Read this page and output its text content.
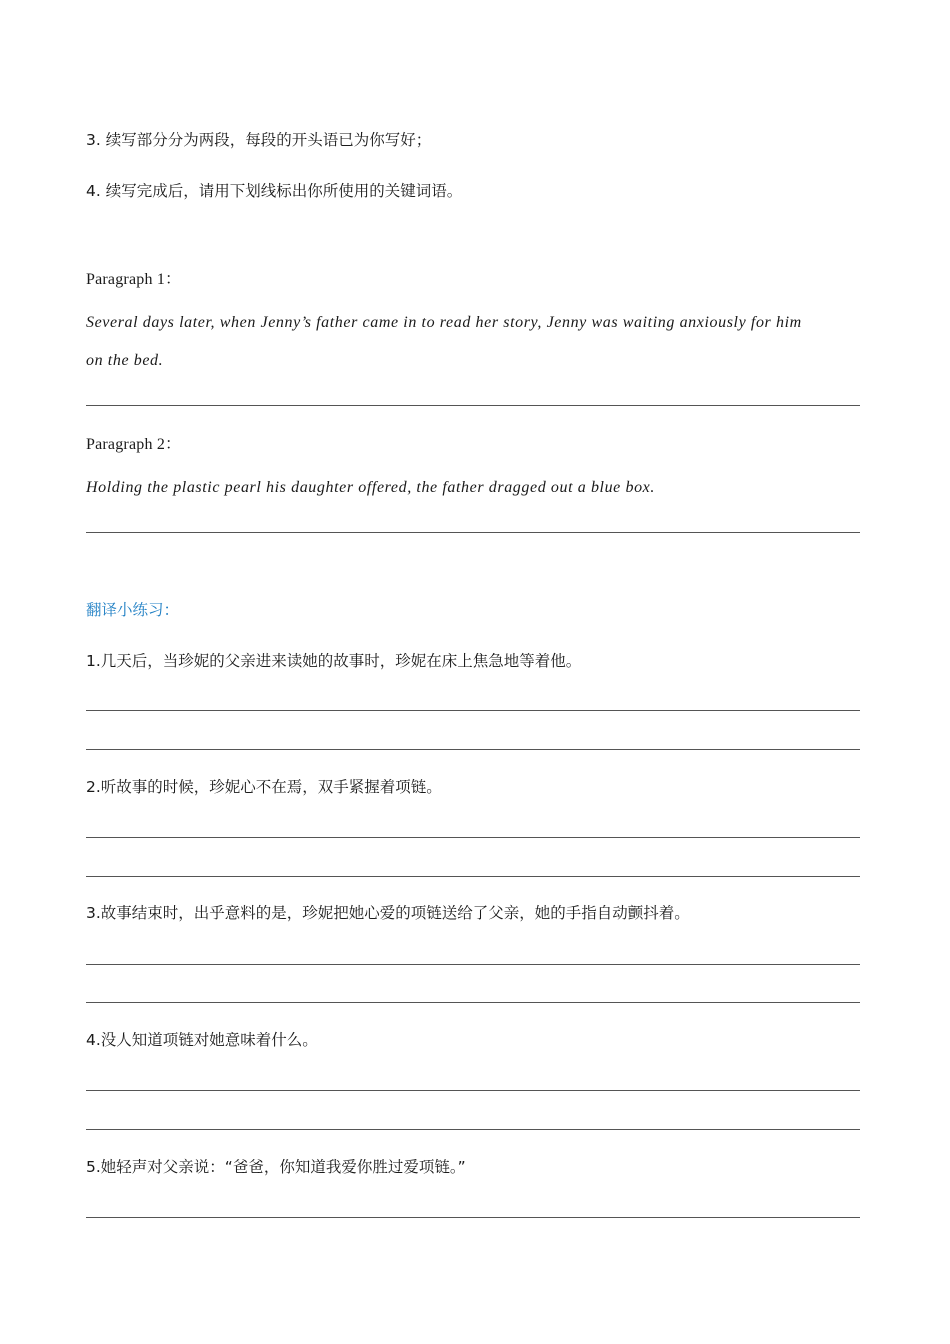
3. 续写部分分为两段，每段的开头语已为你写好；
4. 续写完成后，请用下划线标出你所使用的关键词语。
Paragraph 1：
Several days later, when Jenny’s father came in to read her story, Jenny was waiting anxiously for him
on the bed.
Paragraph 2：
Holding the plastic pearl his daughter offered, the father dragged out a blue box.
翻译小练习：
1.几天后，当珍妮的父亲进来读她的故事时，珍妮在床上焦急地等着他。
2.听故事的时候，珍妮心不在焉，双手紧握着项链。
3.故事结束时，出乎意料的是，珍妮把她心爱的项链送给了父亲，她的手指自动颤抖着。
4.没人知道项链对她意味着什么。
5.她轻声对父亲说：“爸爸，你知道我爱你胜过爱项链。”
